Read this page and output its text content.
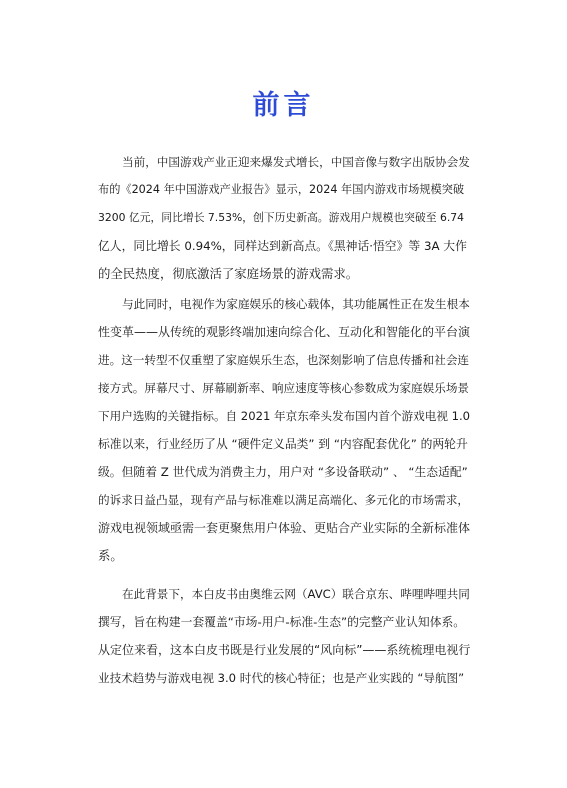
前言
当前，中国游戏产业正迎来爆发式增长，中国音像与数字出版协会发
布的《2024 年中国游戏产业报告》显示，2024 年国内游戏市场规模突破
3200 亿元，同比增长 7.53%，创下历史新高。游戏用户规模也突破至 6.74
亿人，同比增长 0.94%，同样达到新高点。《黑神话·悟空》等 3A 大作
的全民热度，彻底激活了家庭场景的游戏需求。
与此同时，电视作为家庭娱乐的核心载体，其功能属性正在发生根本
性变革——从传统的观影终端加速向综合化、互动化和智能化的平台演
进。这一转型不仅重塑了家庭娱乐生态，也深刻影响了信息传播和社会连
接方式。屏幕尺寸、屏幕刷新率、响应速度等核心参数成为家庭娱乐场景
下用户选购的关键指标。自 2021 年京东牵头发布国内首个游戏电视 1.0
标准以来，行业经历了从 “硬件定义品类” 到 “内容配套优化” 的两轮升
级。但随着 Z 世代成为消费主力，用户对 “多设备联动” 、 “生态适配”
的诉求日益凸显，现有产品与标准难以满足高端化、多元化的市场需求，
游戏电视领域亟需一套更聚焦用户体验、更贴合产业实际的全新标准体
系。
在此背景下，本白皮书由奥维云网（AVC）联合京东、哔哩哔哩共同
撰写，旨在构建一套覆盖“市场-用户-标准-生态”的完整产业认知体系。
从定位来看，这本白皮书既是行业发展的“风向标”——系统梳理电视行
业技术趋势与游戏电视 3.0 时代的核心特征；也是产业实践的 “导航图”
